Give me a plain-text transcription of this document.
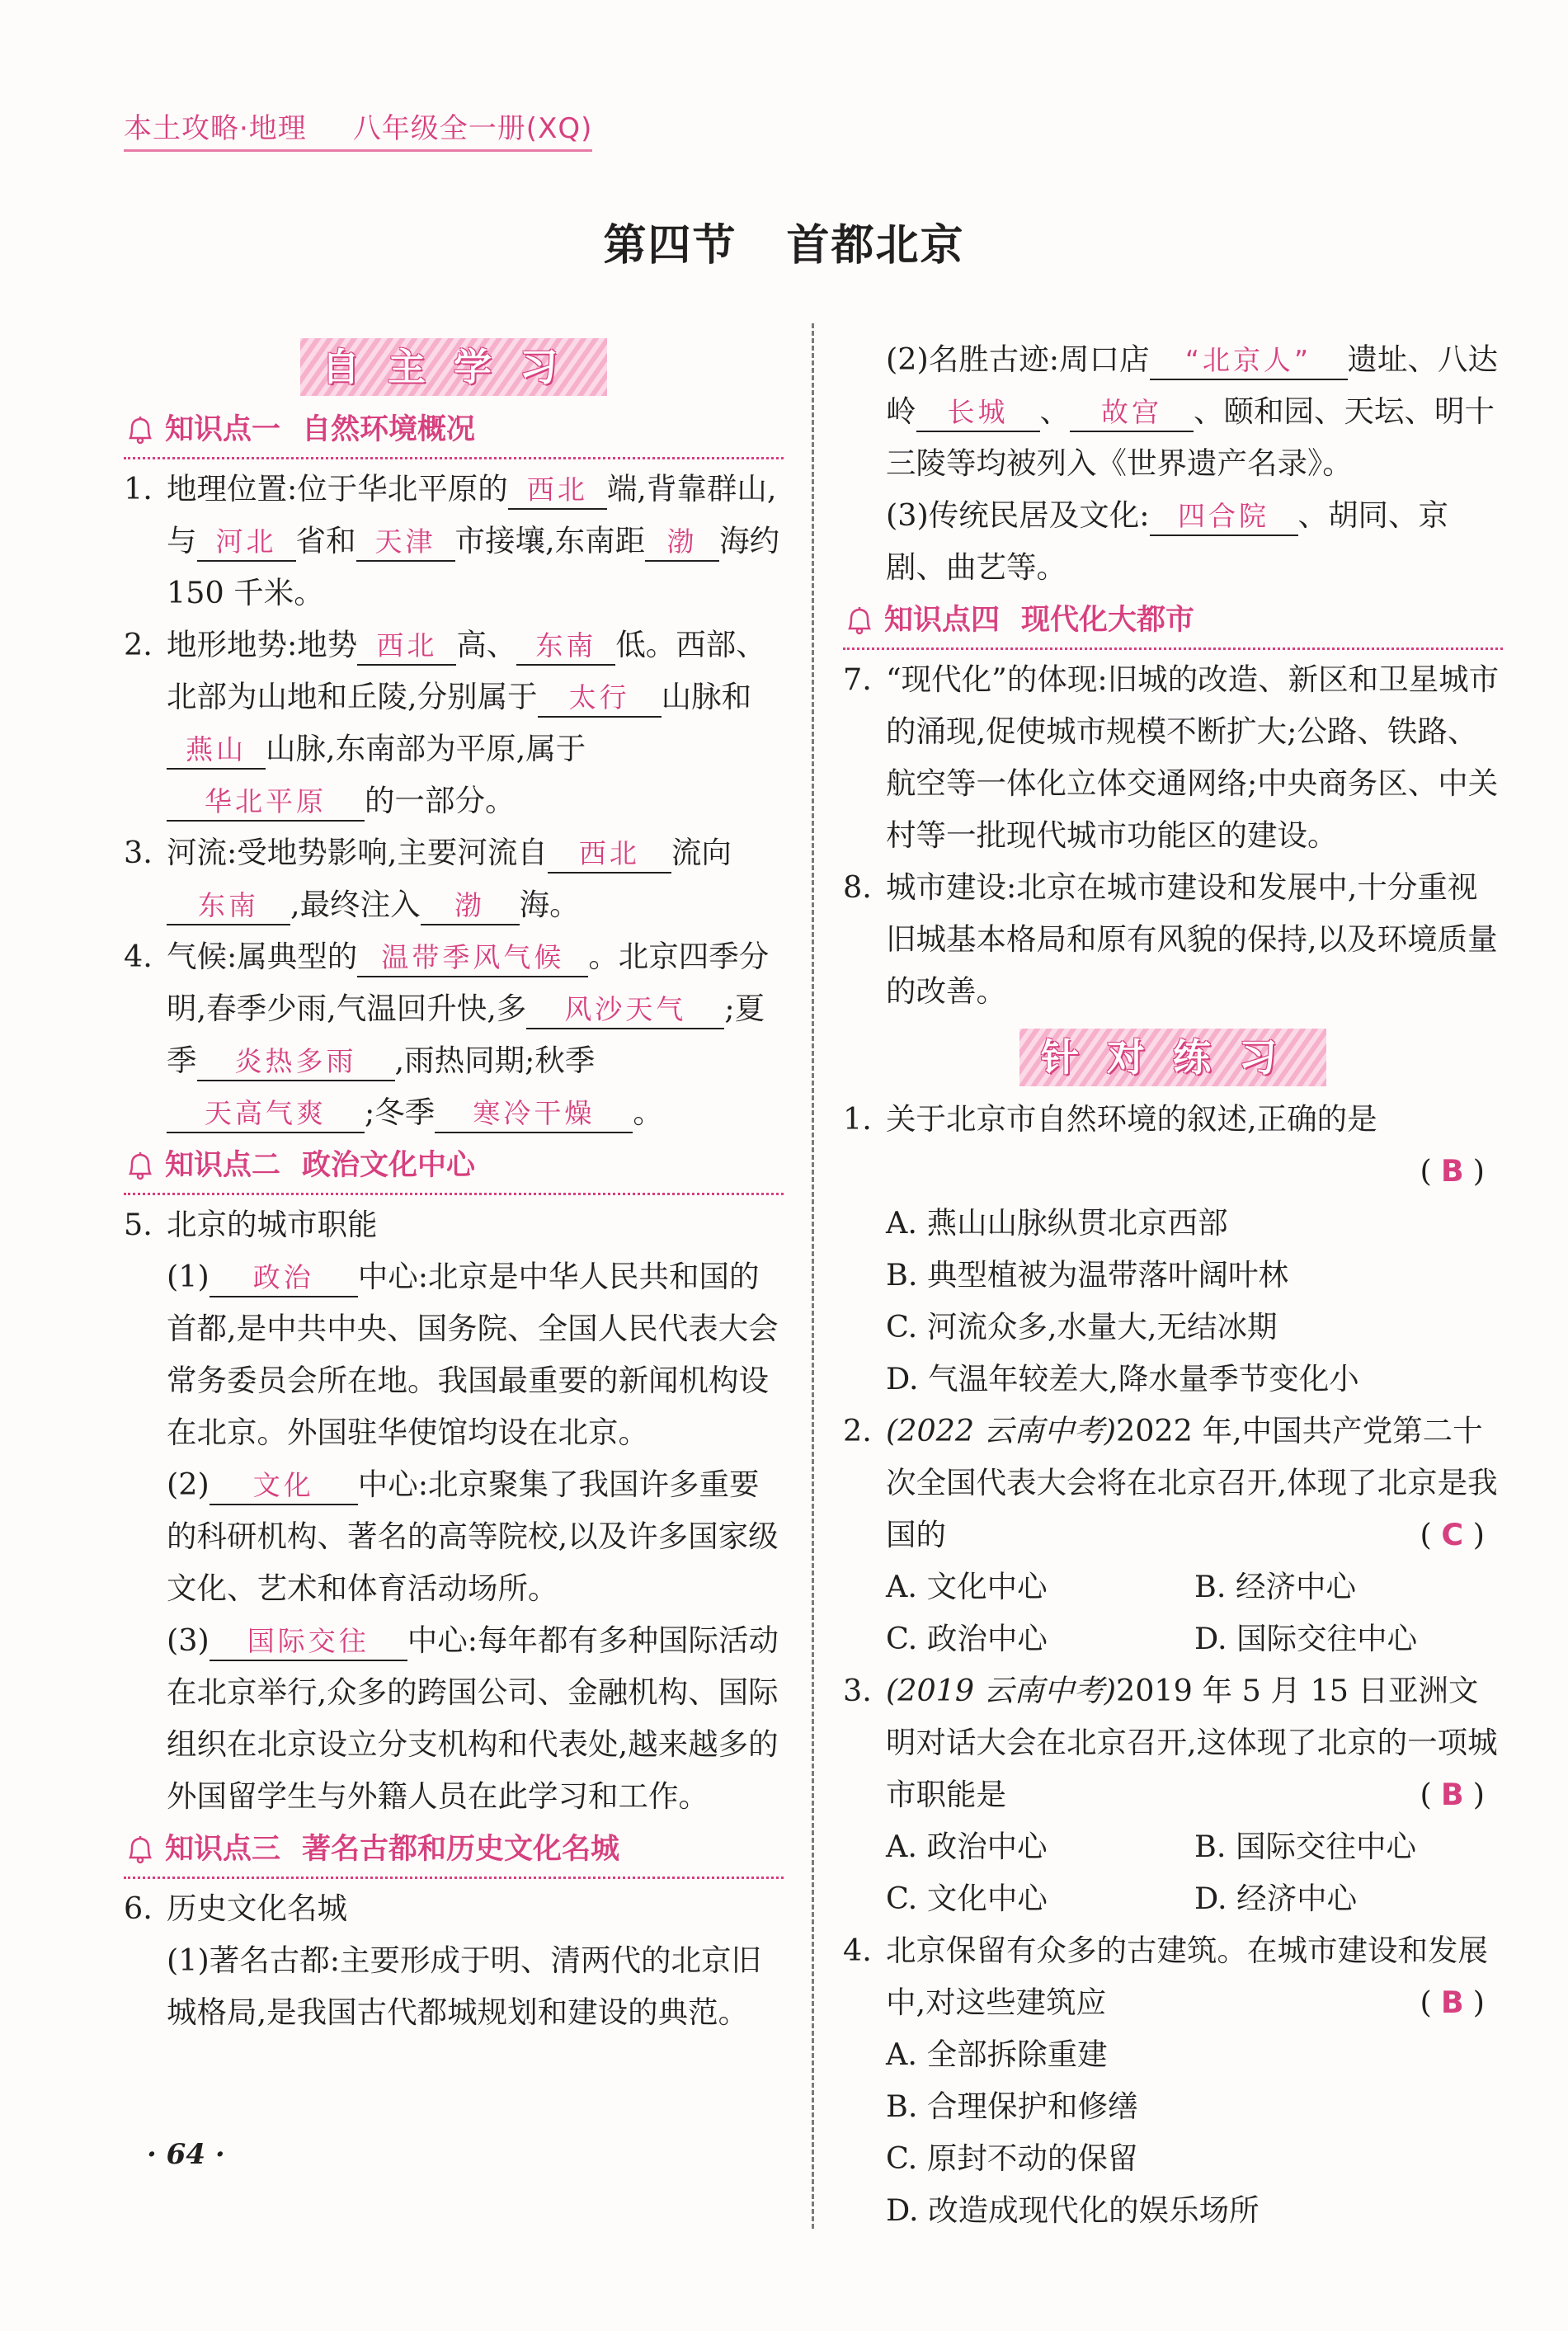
本土攻略·地理 八年级全一册(XQ)
第四节 首都北京
自主学习
知识点一 自然环境概况
1. 地理位置:位于华北平原的 西北 端,背靠群山,与 河北 省和 天津 市接壤,东南距 渤 海约 150 千米。
2. 地形地势:地势 西北 高、 东南 低。西部、北部为山地和丘陵,分别属于 太行 山脉和燕山 山脉,东南部为平原,属于华北平原 的一部分。
3. 河流:受地势影响,主要河流自 西北 流向东南 ,最终注入 渤 海。
4. 气候:属典型的 温带季风气候 。北京四季分明,春季少雨,气温回升快,多 风沙天气 ;夏季 炎热多雨 ,雨热同期;秋季天高气爽 ;冬季 寒冷干燥 。
知识点二 政治文化中心
5. 北京的城市职能
(1) 政治 中心:北京是中华人民共和国的首都,是中共中央、国务院、全国人民代表大会常务委员会所在地。我国最重要的新闻机构设在北京。外国驻华使馆均设在北京。
(2) 文化 中心:北京聚集了我国许多重要的科研机构、著名的高等院校,以及许多国家级文化、艺术和体育活动场所。
(3) 国际交往 中心:每年都有多种国际活动在北京举行,众多的跨国公司、金融机构、国际组织在北京设立分支机构和代表处,越来越多的外国留学生与外籍人员在此学习和工作。
知识点三 著名古都和历史文化名城
6. 历史文化名城
(1)著名古都:主要形成于明、清两代的北京旧城格局,是我国古代都城规划和建设的典范。
(2)名胜古迹:周口店 “北京人” 遗址、八达岭 长城 、 故宫 、颐和园、天坛、明十三陵等均被列入《世界遗产名录》。
(3)传统民居及文化: 四合院 、胡同、京剧、曲艺等。
知识点四 现代化大都市
7. “现代化”的体现:旧城的改造、新区和卫星城市的涌现,促使城市规模不断扩大;公路、铁路、航空等一体化立体交通网络;中央商务区、中关村等一批现代城市功能区的建设。
8. 城市建设:北京在城市建设和发展中,十分重视旧城基本格局和原有风貌的保持,以及环境质量的改善。
针对练习
1. 关于北京市自然环境的叙述,正确的是
( B )
A. 燕山山脉纵贯北京西部
B. 典型植被为温带落叶阔叶林
C. 河流众多,水量大,无结冰期
D. 气温年较差大,降水量季节变化小
2. (2022 云南中考)2022 年,中国共产党第二十次全国代表大会将在北京召开,体现了北京是我国的	( C )
A. 文化中心	B. 经济中心
C. 政治中心	D. 国际交往中心
3. (2019 云南中考)2019 年 5 月 15 日亚洲文明对话大会在北京召开,这体现了北京的一项城市职能是	( B )
A. 政治中心	B. 国际交往中心
C. 文化中心	D. 经济中心
4. 北京保留有众多的古建筑。在城市建设和发展中,对这些建筑应	( B )
A. 全部拆除重建
B. 合理保护和修缮
C. 原封不动的保留
D. 改造成现代化的娱乐场所
· 64 ·
